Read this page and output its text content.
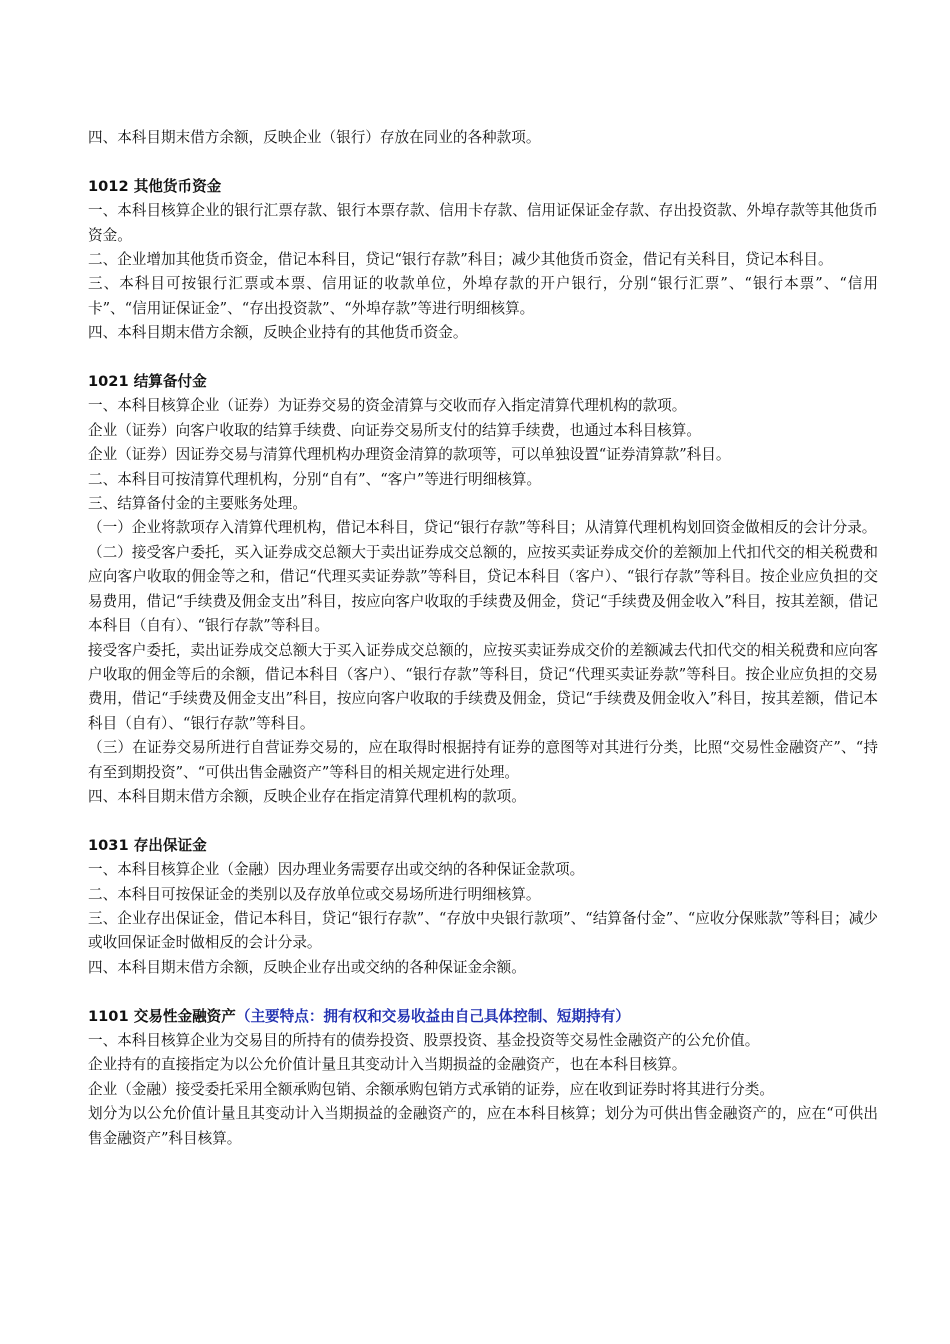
四、本科目期末借方余额，反映企业（银行）存放在同业的各种款项。

1012 其他货币资金

一、本科目核算企业的银行汇票存款、银行本票存款、信用卡存款、信用证保证金存款、存出投资款、外埠存款等其他货币资金。

二、企业增加其他货币资金，借记本科目，贷记“银行存款”科目；减少其他货币资金，借记有关科目，贷记本科目。

三、本科目可按银行汇票或本票、信用证的收款单位，外埠存款的开户银行，分别“银行汇票”、“银行本票”、“信用卡”、“信用证保证金”、“存出投资款”、“外埠存款”等进行明细核算。

四、本科目期末借方余额，反映企业持有的其他货币资金。

1021 结算备付金

一、本科目核算企业（证券）为证券交易的资金清算与交收而存入指定清算代理机构的款项。

企业（证券）向客户收取的结算手续费、向证券交易所支付的结算手续费，也通过本科目核算。

企业（证券）因证券交易与清算代理机构办理资金清算的款项等，可以单独设置“证券清算款”科目。

二、本科目可按清算代理机构，分别“自有”、“客户”等进行明细核算。

三、结算备付金的主要账务处理。

（一）企业将款项存入清算代理机构，借记本科目，贷记“银行存款”等科目；从清算代理机构划回资金做相反的会计分录。

（二）接受客户委托，买入证券成交总额大于卖出证券成交总额的，应按买卖证券成交价的差额加上代扣代交的相关税费和应向客户收取的佣金等之和，借记“代理买卖证券款”等科目，贷记本科目（客户）、“银行存款”等科目。按企业应负担的交易费用，借记“手续费及佣金支出”科目，按应向客户收取的手续费及佣金，贷记“手续费及佣金收入”科目，按其差额，借记本科目（自有）、“银行存款”等科目。

接受客户委托，卖出证券成交总额大于买入证券成交总额的，应按买卖证券成交价的差额减去代扣代交的相关税费和应向客户收取的佣金等后的余额，借记本科目（客户）、“银行存款”等科目，贷记“代理买卖证券款”等科目。按企业应负担的交易费用，借记“手续费及佣金支出”科目，按应向客户收取的手续费及佣金，贷记“手续费及佣金收入”科目，按其差额，借记本科目（自有）、“银行存款”等科目。

（三）在证券交易所进行自营证券交易的，应在取得时根据持有证券的意图等对其进行分类，比照“交易性金融资产”、“持有至到期投资”、“可供出售金融资产”等科目的相关规定进行处理。

四、本科目期末借方余额，反映企业存在指定清算代理机构的款项。

1031 存出保证金

一、本科目核算企业（金融）因办理业务需要存出或交纳的各种保证金款项。

二、本科目可按保证金的类别以及存放单位或交易场所进行明细核算。

三、企业存出保证金，借记本科目，贷记“银行存款”、“存放中央银行款项”、“结算备付金”、“应收分保账款”等科目；减少或收回保证金时做相反的会计分录。

四、本科目期末借方余额，反映企业存出或交纳的各种保证金余额。

1101 交易性金融资产（主要特点：拥有权和交易收益由自己具体控制、短期持有）

一、本科目核算企业为交易目的所持有的债券投资、股票投资、基金投资等交易性金融资产的公允价值。

企业持有的直接指定为以公允价值计量且其变动计入当期损益的金融资产，也在本科目核算。

企业（金融）接受委托采用全额承购包销、余额承购包销方式承销的证券，应在收到证券时将其进行分类。

划分为以公允价值计量且其变动计入当期损益的金融资产的，应在本科目核算；划分为可供出售金融资产的，应在“可供出售金融资产”科目核算。
